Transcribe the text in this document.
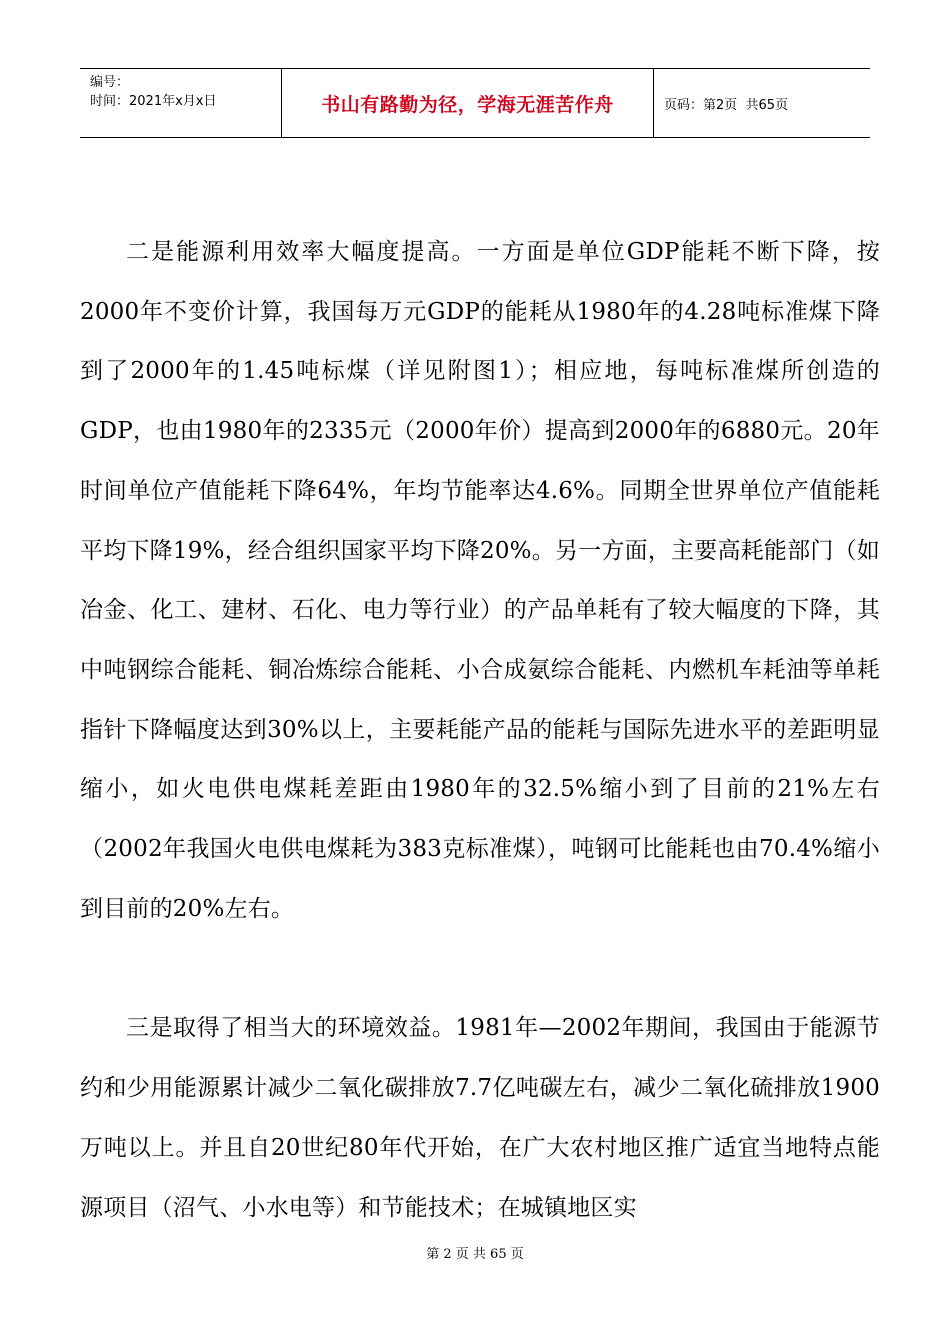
编号：
时间：2021年x月x日	书山有路勤为径，学海无涯苦作舟	页码：第2页  共65页

二是能源利用效率大幅度提高。一方面是单位GDP能耗不断下降，按2000年不变价计算，我国每万元GDP的能耗从1980年的4.28吨标准煤下降到了2000年的1.45吨标煤（详见附图1）；相应地，每吨标准煤所创造的GDP，也由1980年的2335元（2000年价）提高到2000年的6880元。20年时间单位产值能耗下降64%，年均节能率达4.6%。同期全世界单位产值能耗平均下降19%，经合组织国家平均下降20%。另一方面，主要高耗能部门（如冶金、化工、建材、石化、电力等行业）的产品单耗有了较大幅度的下降，其中吨钢综合能耗、铜冶炼综合能耗、小合成氨综合能耗、内燃机车耗油等单耗指针下降幅度达到30%以上，主要耗能产品的能耗与国际先进水平的差距明显缩小，如火电供电煤耗差距由1980年的32.5%缩小到了目前的21%左右（2002年我国火电供电煤耗为383克标准煤），吨钢可比能耗也由70.4%缩小到目前的20%左右。

三是取得了相当大的环境效益。1981年—2002年期间，我国由于能源节约和少用能源累计减少二氧化碳排放7.7亿吨碳左右，减少二氧化硫排放1900万吨以上。并且自20世纪80年代开始，在广大农村地区推广适宜当地特点能源项目（沼气、小水电等）和节能技术；在城镇地区实

第 2 页 共 65 页
